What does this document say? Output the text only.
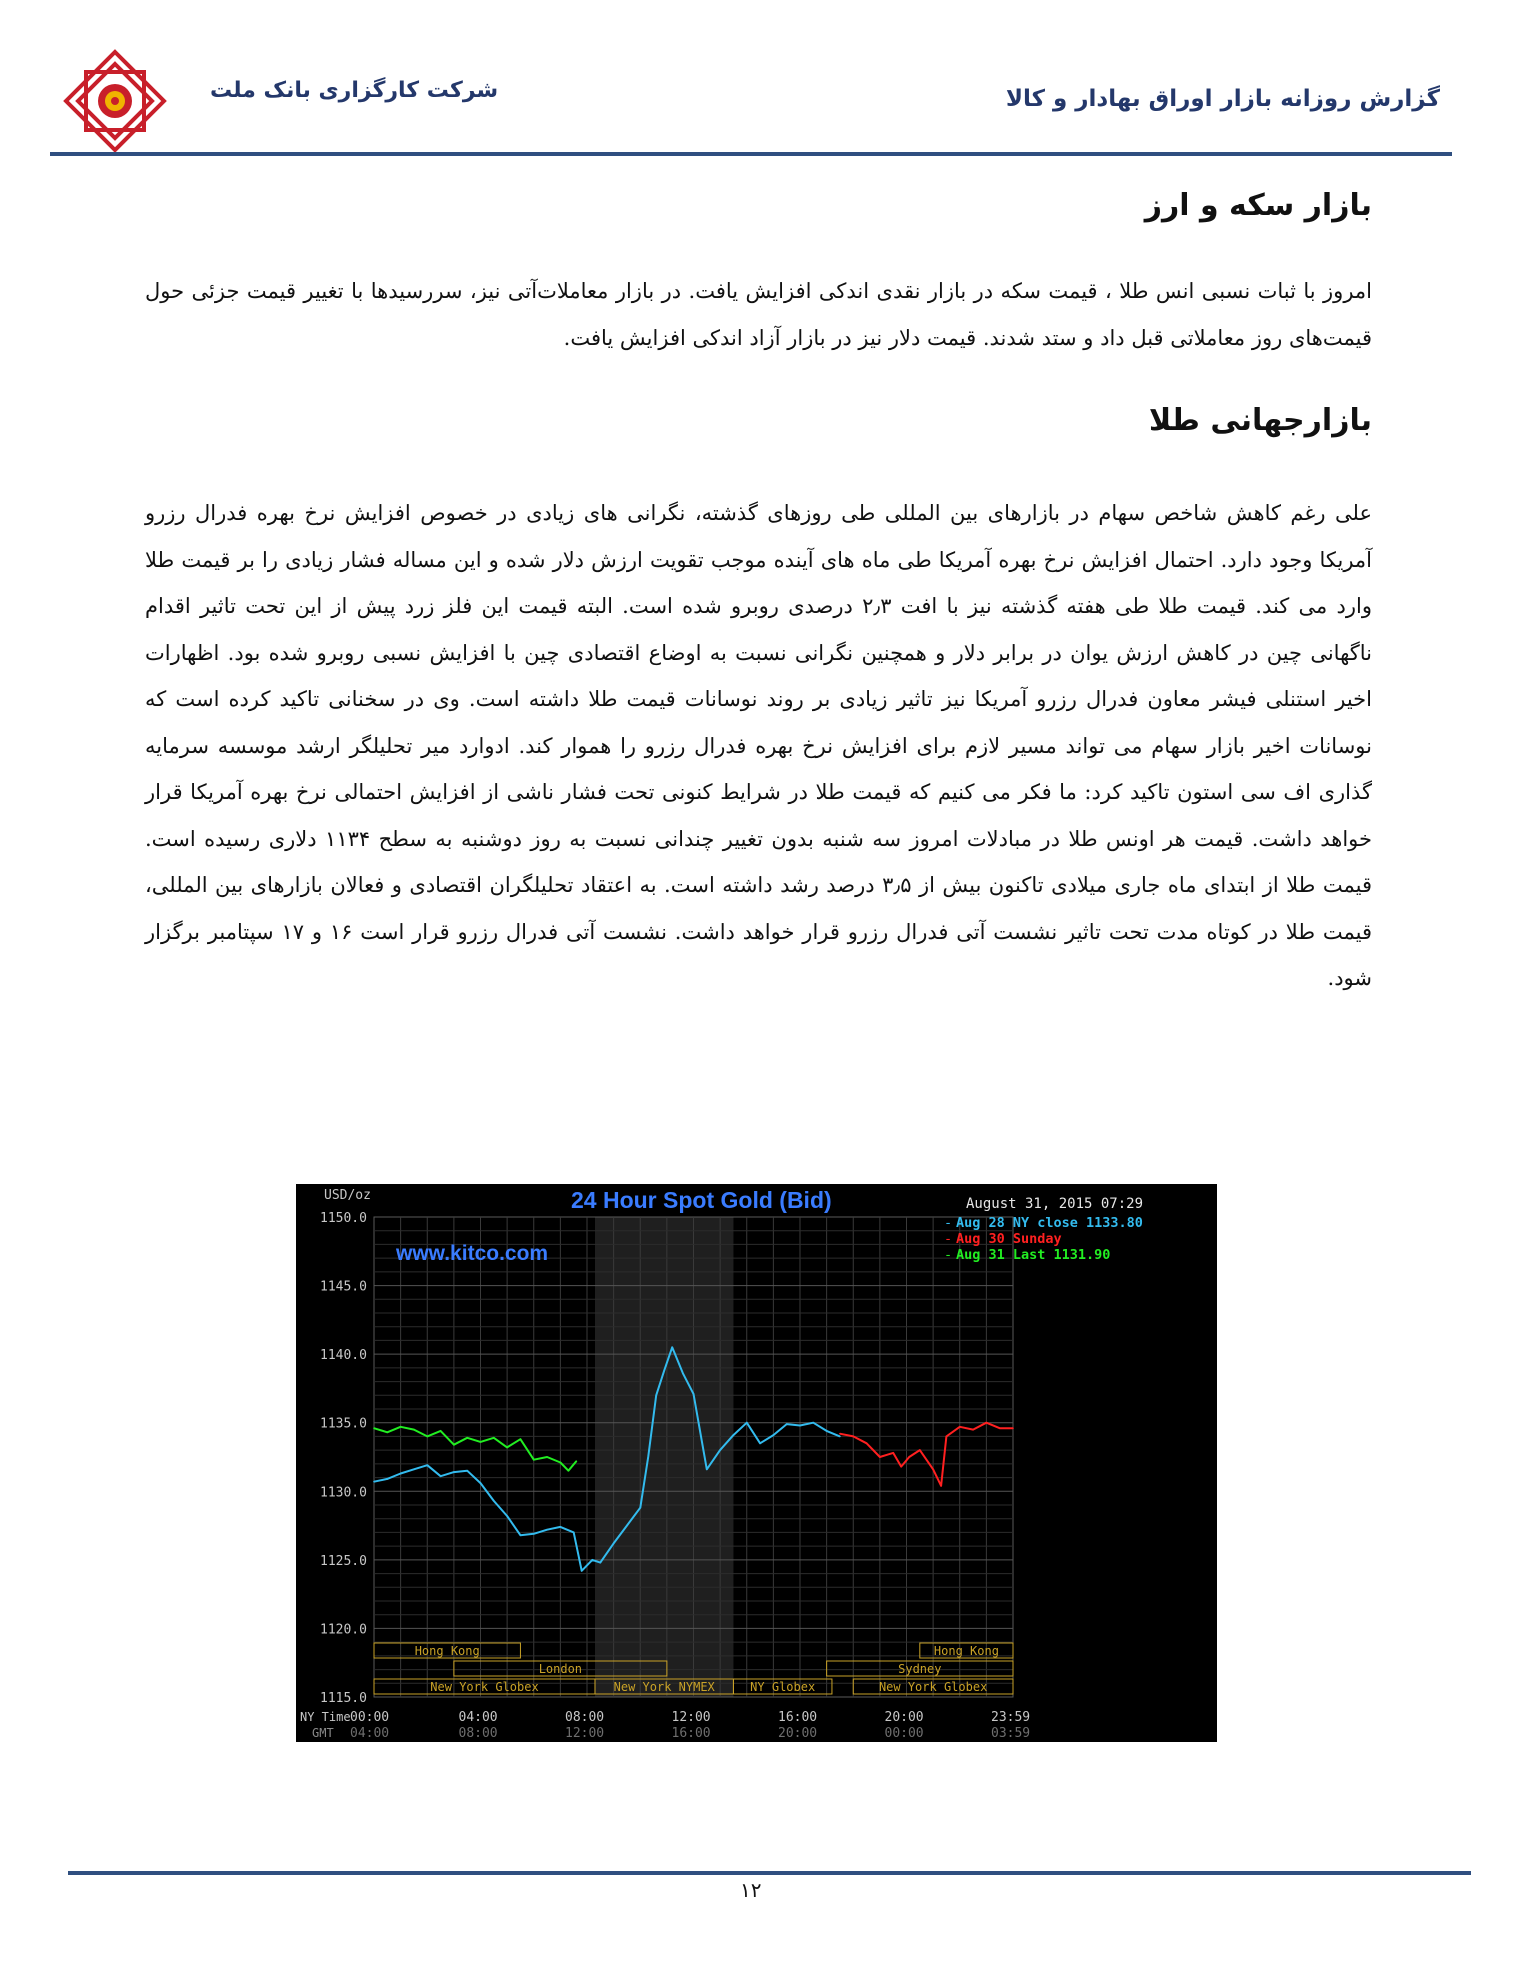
شرکت کارگزاری بانک ملت	گزارش روزانه بازار اوراق بهادار و کالا
بازار سکه و ارز
امروز با ثبات نسبی انس طلا ، قیمت سکه در بازار نقدی اندکی افزایش یافت. در بازار معاملات‌آتی نیز، سررسیدها با تغییر قیمت جزئی حول قیمت‌های روز معاملاتی قبل داد و ستد شدند. قیمت دلار نیز در بازار آزاد اندکی افزایش یافت.
بازارجهانی طلا
علی رغم کاهش شاخص سهام در بازارهای بین المللی طی روزهای گذشته، نگرانی های زیادی در خصوص افزایش نرخ بهره فدرال رزرو آمریکا وجود دارد. احتمال افزایش نرخ بهره آمریکا طی ماه های آینده موجب تقویت ارزش دلار شده و این مساله فشار زیادی را بر قیمت طلا وارد می کند. قیمت طلا طی هفته گذشته نیز با افت ۲٫۳ درصدی روبرو شده است. البته قیمت این فلز زرد پیش از این تحت تاثیر اقدام ناگهانی چین در کاهش ارزش یوان در برابر دلار و همچنین نگرانی نسبت به اوضاع اقتصادی چین با افزایش نسبی روبرو شده بود. اظهارات اخیر استنلی فیشر معاون فدرال رزرو آمریکا نیز تاثیر زیادی بر روند نوسانات قیمت طلا داشته است. وی در سخنانی تاکید کرده است که نوسانات اخیر بازار سهام می تواند مسیر لازم برای افزایش نرخ بهره فدرال رزرو را هموار کند. ادوارد میر تحلیلگر ارشد موسسه سرمایه گذاری اف سی استون تاکید کرد: ما فکر می کنیم که قیمت طلا در شرایط کنونی تحت فشار ناشی از افزایش احتمالی نرخ بهره آمریکا قرار خواهد داشت. قیمت هر اونس طلا در مبادلات امروز سه شنبه بدون تغییر چندانی نسبت به روز دوشنبه به سطح ۱۱۳۴ دلاری رسیده است. قیمت طلا از ابتدای ماه جاری میلادی تاکنون بیش از ۳٫۵ درصد رشد داشته است. به اعتقاد تحلیلگران اقتصادی و فعالان بازارهای بین المللی، قیمت طلا در کوتاه مدت تحت تاثیر نشست آتی فدرال رزرو قرار خواهد داشت. نشست آتی فدرال رزرو قرار است ۱۶ و ۱۷ سپتامبر برگزار شود.
Hong Kong	Hong Kong
London	Sydney
New York Globex	New York NYMEX	NY Globex	New York Globex
1150.0
1145.0
1140.0
1135.0
1130.0
1125.0
1120.0
1115.0
00:00	04:00	08:00	12:00	16:00	20:00	23:59
04:00	08:00	12:00	16:00	20:00	00:00	03:59
USD/oz	24 Hour Spot Gold (Bid)	August 31, 2015 07:29
www.kitco.com
Aug 28 NY close 1133.80
Aug 30 Sunday
Aug 31 Last 1131.90
-
-
-
NY Time
GMT
۱۲
